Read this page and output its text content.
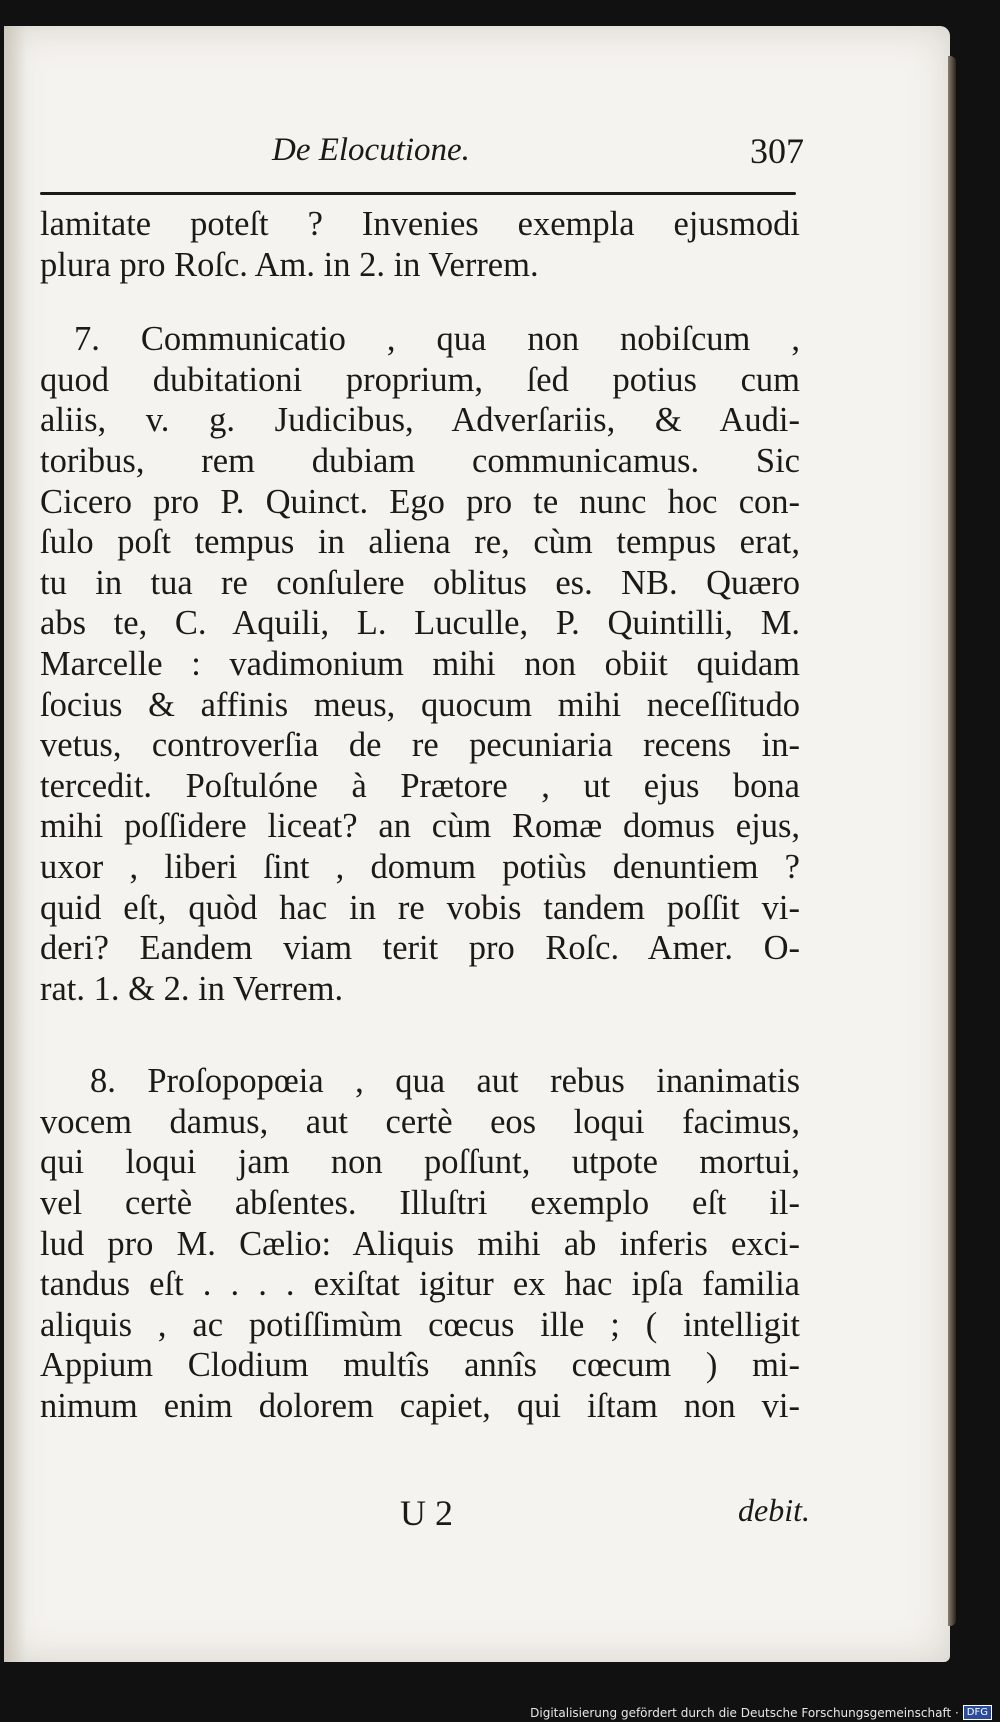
De Elocutione.	307

lamitate poteſt ? Invenies exempla ejusmodi
plura pro Roſc. Am. in 2. in Verrem.

7. Communicatio , qua non nobiſcum ,
quod dubitationi proprium, ſed potius cum
aliis, v. g. Judicibus, Adverſariis, & Audi-
toribus, rem dubiam communicamus. Sic
Cicero pro P. Quinct. Ego pro te nunc hoc con-
ſulo poſt tempus in aliena re, cùm tempus erat,
tu in tua re conſulere oblitus es. NB. Quæro
abs te, C. Aquili, L. Luculle, P. Quintilli, M.
Marcelle : vadimonium mihi non obiit quidam
ſocius & affinis meus, quocum mihi neceſſitudo
vetus, controverſia de re pecuniaria recens in-
tercedit. Poſtulóne à Prætore , ut ejus bona
mihi poſſidere liceat? an cùm Romæ domus ejus,
uxor , liberi ſint , domum potiùs denuntiem ?
quid eſt, quòd hac in re vobis tandem poſſit vi-
deri? Eandem viam terit pro Roſc. Amer. O-
rat. 1. & 2. in Verrem.

8. Proſopopœia , qua aut rebus inanimatis
vocem damus, aut certè eos loqui facimus,
qui loqui jam non poſſunt, utpote mortui,
vel certè abſentes. Illuſtri exemplo eſt il-
lud pro M. Cælio: Aliquis mihi ab inferis exci-
tandus eſt . . . . exiſtat igitur ex hac ipſa familia
aliquis , ac potiſſimùm cœcus ille ; ( intelligit
Appium Clodium multîs annîs cœcum ) mi-
nimum enim dolorem capiet, qui iſtam non vi-

U 2	debit.
Digitalisierung gefördert durch die Deutsche Forschungsgemeinschaft · DFG
